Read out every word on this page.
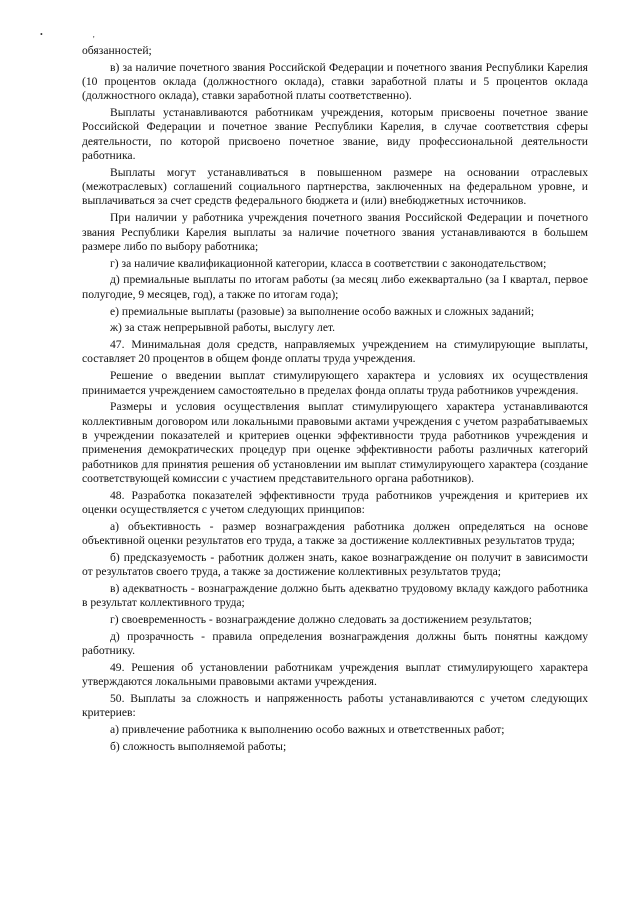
• ,

обязанностей;

в) за наличие почетного звания Российской Федерации и почетного звания Республики Карелия (10 процентов оклада (должностного оклада), ставки заработной платы и 5 процентов оклада (должностного оклада), ставки заработной платы соответственно).

Выплаты устанавливаются работникам учреждения, которым присвоены почетное звание Российской Федерации и почетное звание Республики Карелия, в случае соответствия сферы деятельности, по которой присвоено почетное звание, виду профессиональной деятельности работника.

Выплаты могут устанавливаться в повышенном размере на основании отраслевых (межотраслевых) соглашений социального партнерства, заключенных на федеральном уровне, и выплачиваться за счет средств федерального бюджета и (или) внебюджетных источников.

При наличии у работника учреждения почетного звания Российской Федерации и почетного звания Республики Карелия выплаты за наличие почетного звания устанавливаются в большем размере либо по выбору работника;

г) за наличие квалификационной категории, класса в соответствии с законодательством;

д) премиальные выплаты по итогам работы (за месяц либо ежеквартально (за I квартал, первое полугодие, 9 месяцев, год), а также по итогам года);

е) премиальные выплаты (разовые) за выполнение особо важных и сложных заданий;

ж) за стаж непрерывной работы, выслугу лет.

47. Минимальная доля средств, направляемых учреждением на стимулирующие выплаты, составляет 20 процентов в общем фонде оплаты труда учреждения.

Решение о введении выплат стимулирующего характера и условиях их осуществления принимается учреждением самостоятельно в пределах фонда оплаты труда работников учреждения.

Размеры и условия осуществления выплат стимулирующего характера устанавливаются коллективным договором или локальными правовыми актами учреждения с учетом разрабатываемых в учреждении показателей и критериев оценки эффективности труда работников учреждения и применения демократических процедур при оценке эффективности работы различных категорий работников для принятия решения об установлении им выплат стимулирующего характера (создание соответствующей комиссии с участием представительного органа работников).

48. Разработка показателей эффективности труда работников учреждения и критериев их оценки осуществляется с учетом следующих принципов:

а) объективность - размер вознаграждения работника должен определяться на основе объективной оценки результатов его труда, а также за достижение коллективных результатов труда;

б) предсказуемость - работник должен знать, какое вознаграждение он получит в зависимости от результатов своего труда, а также за достижение коллективных результатов труда;

в) адекватность - вознаграждение должно быть адекватно трудовому вкладу каждого работника в результат коллективного труда;

г) своевременность - вознаграждение должно следовать за достижением результатов;

д) прозрачность - правила определения вознаграждения должны быть понятны каждому работнику.

49. Решения об установлении работникам учреждения выплат стимулирующего характера утверждаются локальными правовыми актами учреждения.

50. Выплаты за сложность и напряженность работы устанавливаются с учетом следующих критериев:

а) привлечение работника к выполнению особо важных и ответственных работ;

б) сложность выполняемой работы;
